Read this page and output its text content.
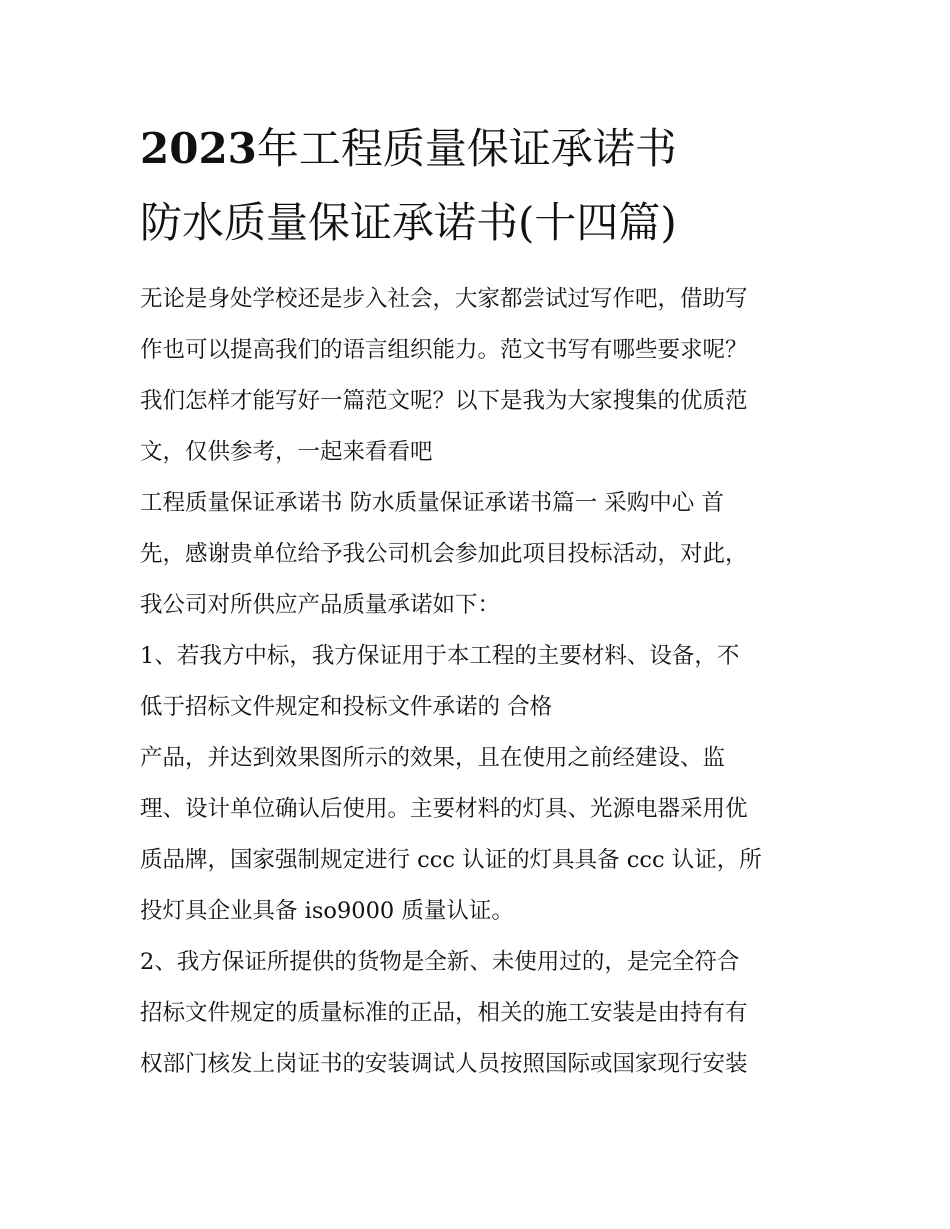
2023年工程质量保证承诺书
防水质量保证承诺书(十四篇)
无论是身处学校还是步入社会，大家都尝试过写作吧，借助写
作也可以提高我们的语言组织能力。范文书写有哪些要求呢？
我们怎样才能写好一篇范文呢？以下是我为大家搜集的优质范
文，仅供参考，一起来看看吧
工程质量保证承诺书 防水质量保证承诺书篇一 采购中心 首
先，感谢贵单位给予我公司机会参加此项目投标活动，对此，
我公司对所供应产品质量承诺如下：
1、若我方中标，我方保证用于本工程的主要材料、设备，不
低于招标文件规定和投标文件承诺的 合格
产品，并达到效果图所示的效果，且在使用之前经建设、监
理、设计单位确认后使用。主要材料的灯具、光源电器采用优
质品牌，国家强制规定进行 ccc 认证的灯具具备 ccc 认证，所
投灯具企业具备 iso9000 质量认证。
2、我方保证所提供的货物是全新、未使用过的，是完全符合
招标文件规定的质量标准的正品，相关的施工安装是由持有有
权部门核发上岗证书的安装调试人员按照国际或国家现行安装
